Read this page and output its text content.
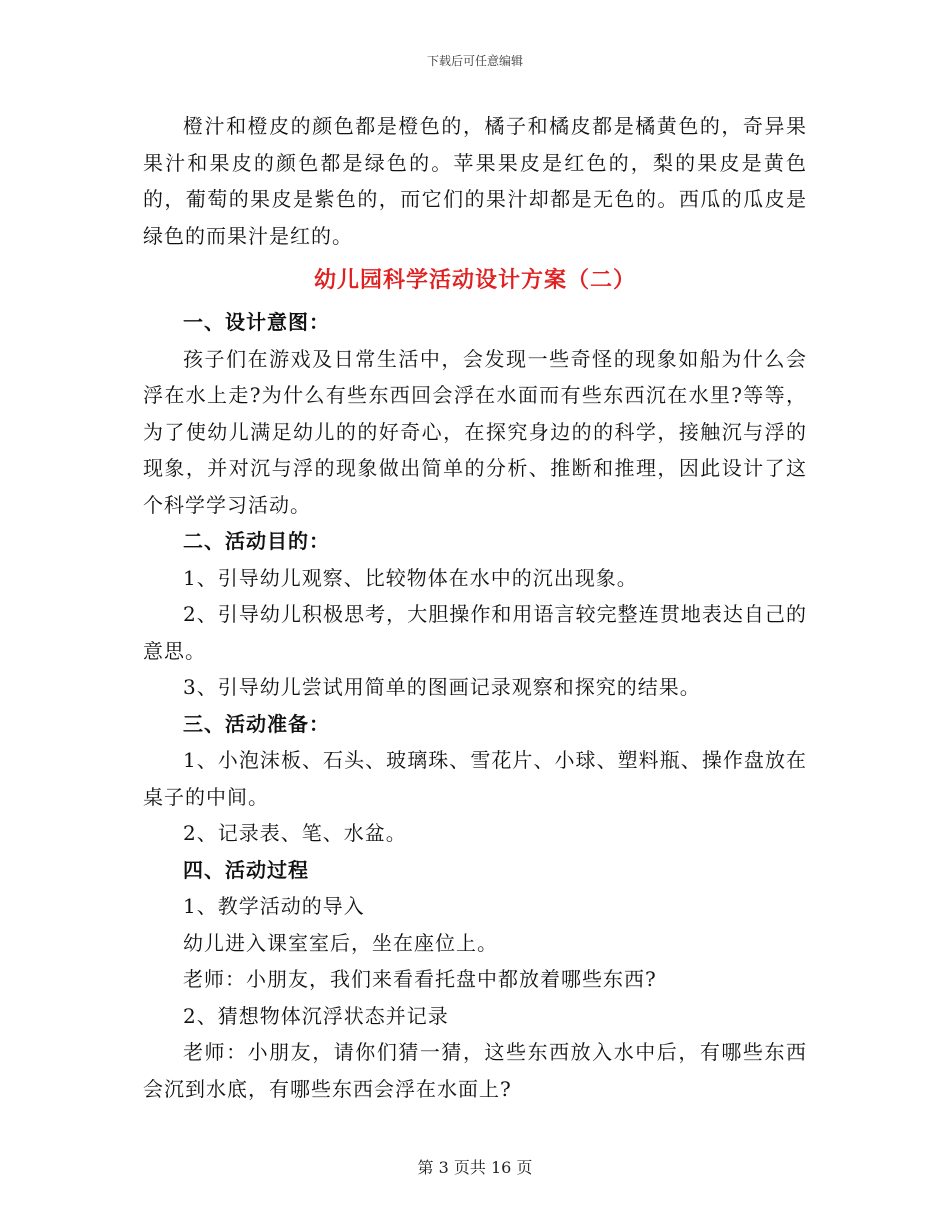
下载后可任意编辑

橙汁和橙皮的颜色都是橙色的，橘子和橘皮都是橘黄色的，奇异果果汁和果皮的颜色都是绿色的。苹果果皮是红色的，梨的果皮是黄色的，葡萄的果皮是紫色的，而它们的果汁却都是无色的。西瓜的瓜皮是绿色的而果汁是红的。

幼儿园科学活动设计方案（二）

一、设计意图：

孩子们在游戏及日常生活中，会发现一些奇怪的现象如船为什么会浮在水上走?为什么有些东西回会浮在水面而有些东西沉在水里?等等，为了使幼儿满足幼儿的的好奇心，在探究身边的的科学，接触沉与浮的现象，并对沉与浮的现象做出简单的分析、推断和推理，因此设计了这个科学学习活动。

二、活动目的：

1、引导幼儿观察、比较物体在水中的沉出现象。

2、引导幼儿积极思考，大胆操作和用语言较完整连贯地表达自己的意思。

3、引导幼儿尝试用简单的图画记录观察和探究的结果。

三、活动准备：

1、小泡沫板、石头、玻璃珠、雪花片、小球、塑料瓶、操作盘放在桌子的中间。

2、记录表、笔、水盆。

四、活动过程

1、教学活动的导入

幼儿进入课室室后，坐在座位上。

老师：小朋友，我们来看看托盘中都放着哪些东西?

2、猜想物体沉浮状态并记录

老师：小朋友，请你们猜一猜，这些东西放入水中后，有哪些东西会沉到水底，有哪些东西会浮在水面上?

第 3 页共 16 页
